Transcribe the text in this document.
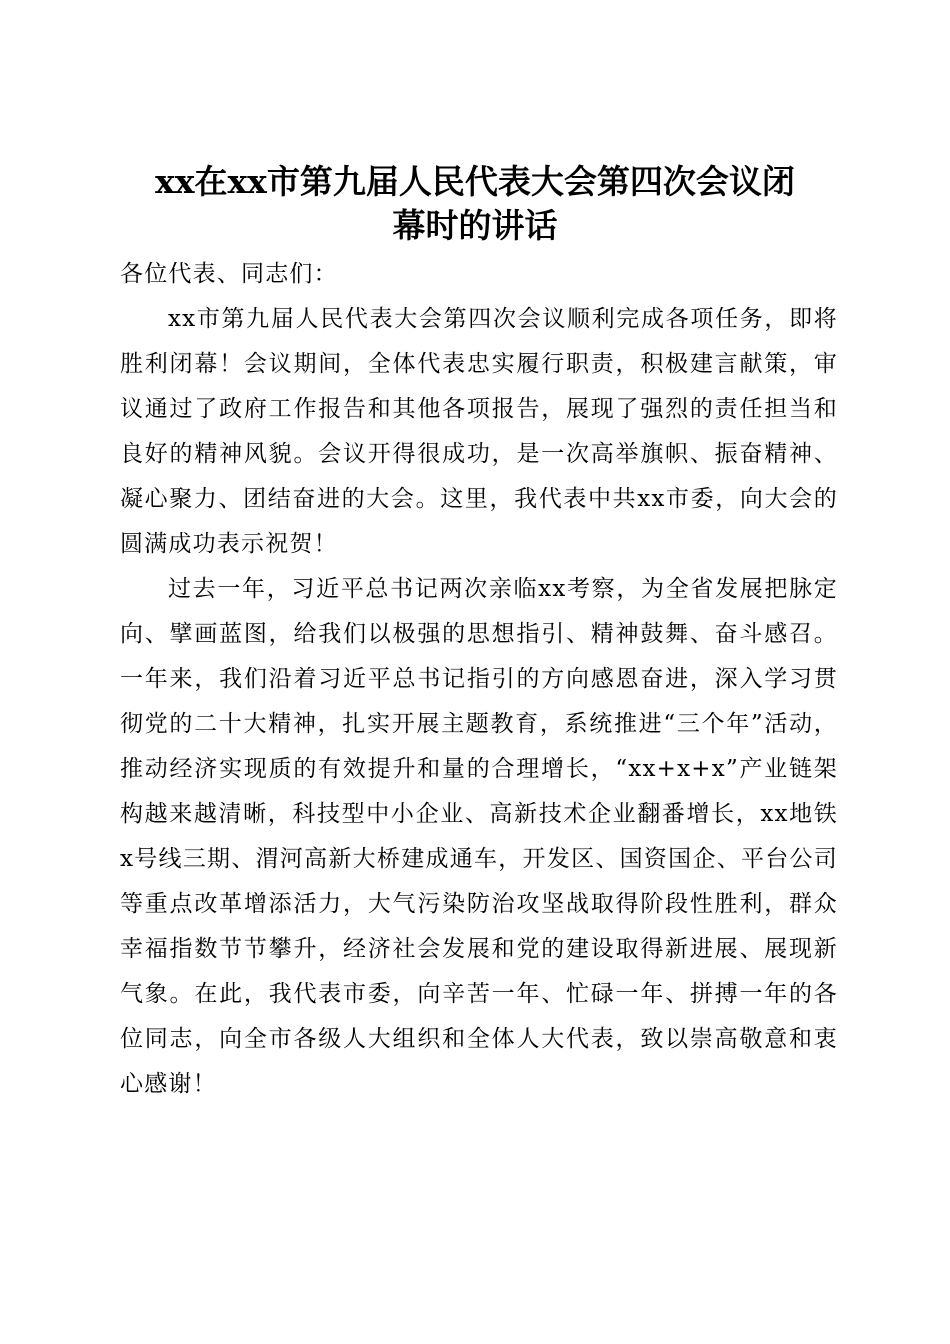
xx在xx市第九届人民代表大会第四次会议闭
幕时的讲话

各位代表、同志们：

xx市第九届人民代表大会第四次会议顺利完成各项任务，即将胜利闭幕！会议期间，全体代表忠实履行职责，积极建言献策，审议通过了政府工作报告和其他各项报告，展现了强烈的责任担当和良好的精神风貌。会议开得很成功，是一次高举旗帜、振奋精神、凝心聚力、团结奋进的大会。这里，我代表中共xx市委，向大会的圆满成功表示祝贺！

过去一年，习近平总书记两次亲临xx考察，为全省发展把脉定向、擘画蓝图，给我们以极强的思想指引、精神鼓舞、奋斗感召。一年来，我们沿着习近平总书记指引的方向感恩奋进，深入学习贯彻党的二十大精神，扎实开展主题教育，系统推进“三个年”活动，推动经济实现质的有效提升和量的合理增长，“xx+x+x”产业链架构越来越清晰，科技型中小企业、高新技术企业翻番增长，xx地铁x号线三期、渭河高新大桥建成通车，开发区、国资国企、平台公司等重点改革增添活力，大气污染防治攻坚战取得阶段性胜利，群众幸福指数节节攀升，经济社会发展和党的建设取得新进展、展现新气象。在此，我代表市委，向辛苦一年、忙碌一年、拼搏一年的各位同志，向全市各级人大组织和全体人大代表，致以崇高敬意和衷心感谢！
